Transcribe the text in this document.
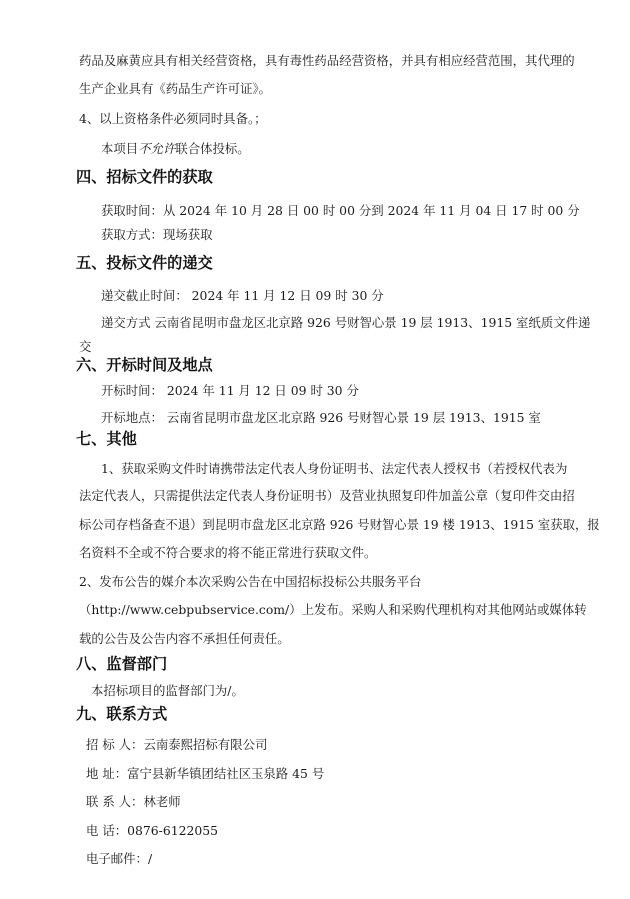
药品及麻黄应具有相关经营资格，具有毒性药品经营资格，并具有相应经营范围，其代理的
生产企业具有《药品生产许可证》。
4、以上资格条件必须同时具备。；
本项目不允许联合体投标。
四、招标文件的获取
获取时间：从 2024 年 10 月 28 日 00 时 00 分到 2024 年 11 月 04 日 17 时 00 分
获取方式：现场获取
五、投标文件的递交
递交截止时间： 2024 年 11 月 12 日 09 时 30 分
递交方式 云南省昆明市盘龙区北京路 926 号财智心景 19 层 1913、1915 室纸质文件递
交
六、开标时间及地点
开标时间： 2024 年 11 月 12 日 09 时 30 分
开标地点： 云南省昆明市盘龙区北京路 926 号财智心景 19 层 1913、1915 室
七、其他
1、获取采购文件时请携带法定代表人身份证明书、法定代表人授权书（若授权代表为
法定代表人，只需提供法定代表人身份证明书）及营业执照复印件加盖公章（复印件交由招
标公司存档备查不退）到昆明市盘龙区北京路 926 号财智心景 19 楼 1913、1915 室获取，报
名资料不全或不符合要求的将不能正常进行获取文件。
2、发布公告的媒介本次采购公告在中国招标投标公共服务平台
（http://www.cebpubservice.com/）上发布。采购人和采购代理机构对其他网站或媒体转
载的公告及公告内容不承担任何责任。
八、监督部门
本招标项目的监督部门为/。
九、联系方式
招 标 人：云南泰熙招标有限公司
地 址：富宁县新华镇团结社区玉泉路 45 号
联 系 人：林老师
电 话：0876-6122055
电子邮件：/
